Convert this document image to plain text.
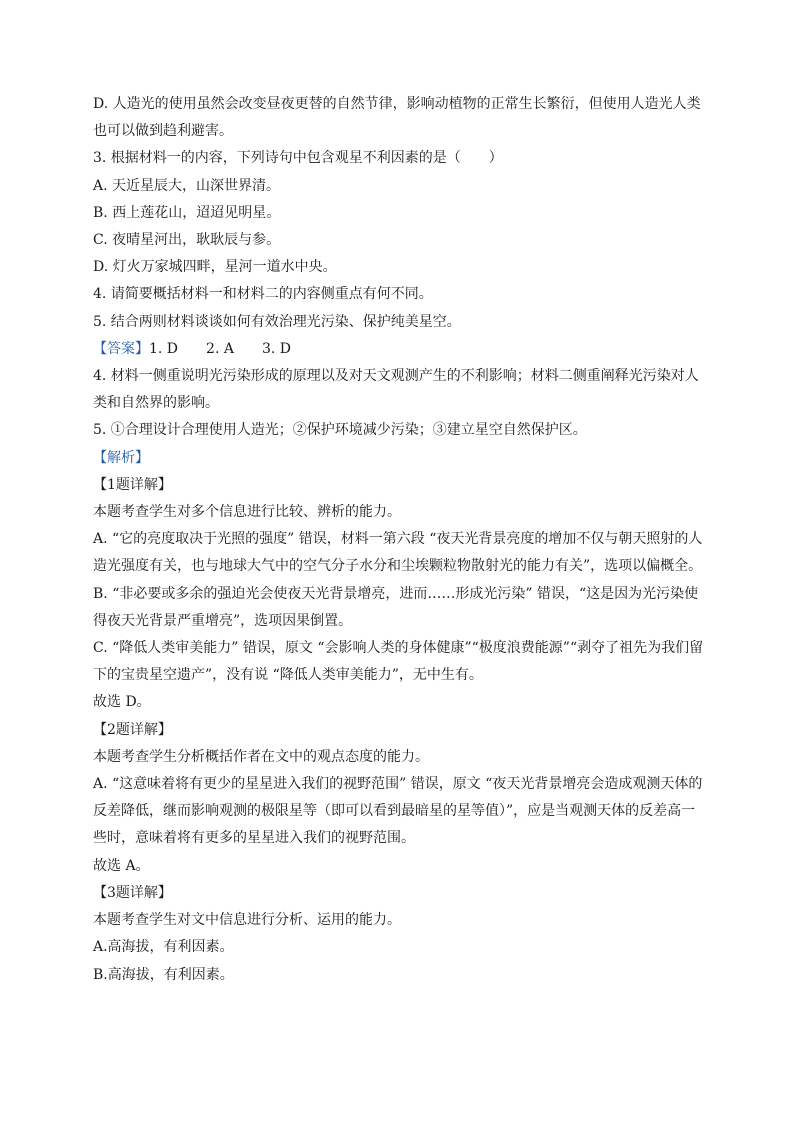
D. 人造光的使用虽然会改变昼夜更替的自然节律，影响动植物的正常生长繁衍，但使用人造光人类也可以做到趋利避害。

3. 根据材料一的内容，下列诗句中包含观星不利因素的是（　　）

A. 天近星辰大，山深世界清。

B. 西上莲花山，迢迢见明星。

C. 夜晴星河出，耿耿辰与参。

D. 灯火万家城四畔，星河一道水中央。

4. 请简要概括材料一和材料二的内容侧重点有何不同。

5. 结合两则材料谈谈如何有效治理光污染、保护纯美星空。

【答案】1. D　　2. A　　3. D

4. 材料一侧重说明光污染形成的原理以及对天文观测产生的不利影响；材料二侧重阐释光污染对人类和自然界的影响。

5. ①合理设计合理使用人造光；②保护环境减少污染；③建立星空自然保护区。

【解析】

【1题详解】

本题考查学生对多个信息进行比较、辨析的能力。

A. “它的亮度取决于光照的强度” 错误，材料一第六段 “夜天光背景亮度的增加不仅与朝天照射的人造光强度有关，也与地球大气中的空气分子水分和尘埃颗粒物散射光的能力有关”，选项以偏概全。

B. “非必要或多余的强迫光会使夜天光背景增亮，进而……形成光污染” 错误，“这是因为光污染使得夜天光背景严重增亮”，选项因果倒置。

C. “降低人类审美能力” 错误，原文 “会影响人类的身体健康”“极度浪费能源”“剥夺了祖先为我们留下的宝贵星空遗产”，没有说 “降低人类审美能力”，无中生有。

故选 D。

【2题详解】

本题考查学生分析概括作者在文中的观点态度的能力。

A. “这意味着将有更少的星星进入我们的视野范围” 错误，原文 “夜天光背景增亮会造成观测天体的反差降低，继而影响观测的极限星等（即可以看到最暗星的星等值）”，应是当观测天体的反差高一些时，意味着将有更多的星星进入我们的视野范围。

故选 A。

【3题详解】

本题考查学生对文中信息进行分析、运用的能力。

A.高海拔，有利因素。

B.高海拔，有利因素。
